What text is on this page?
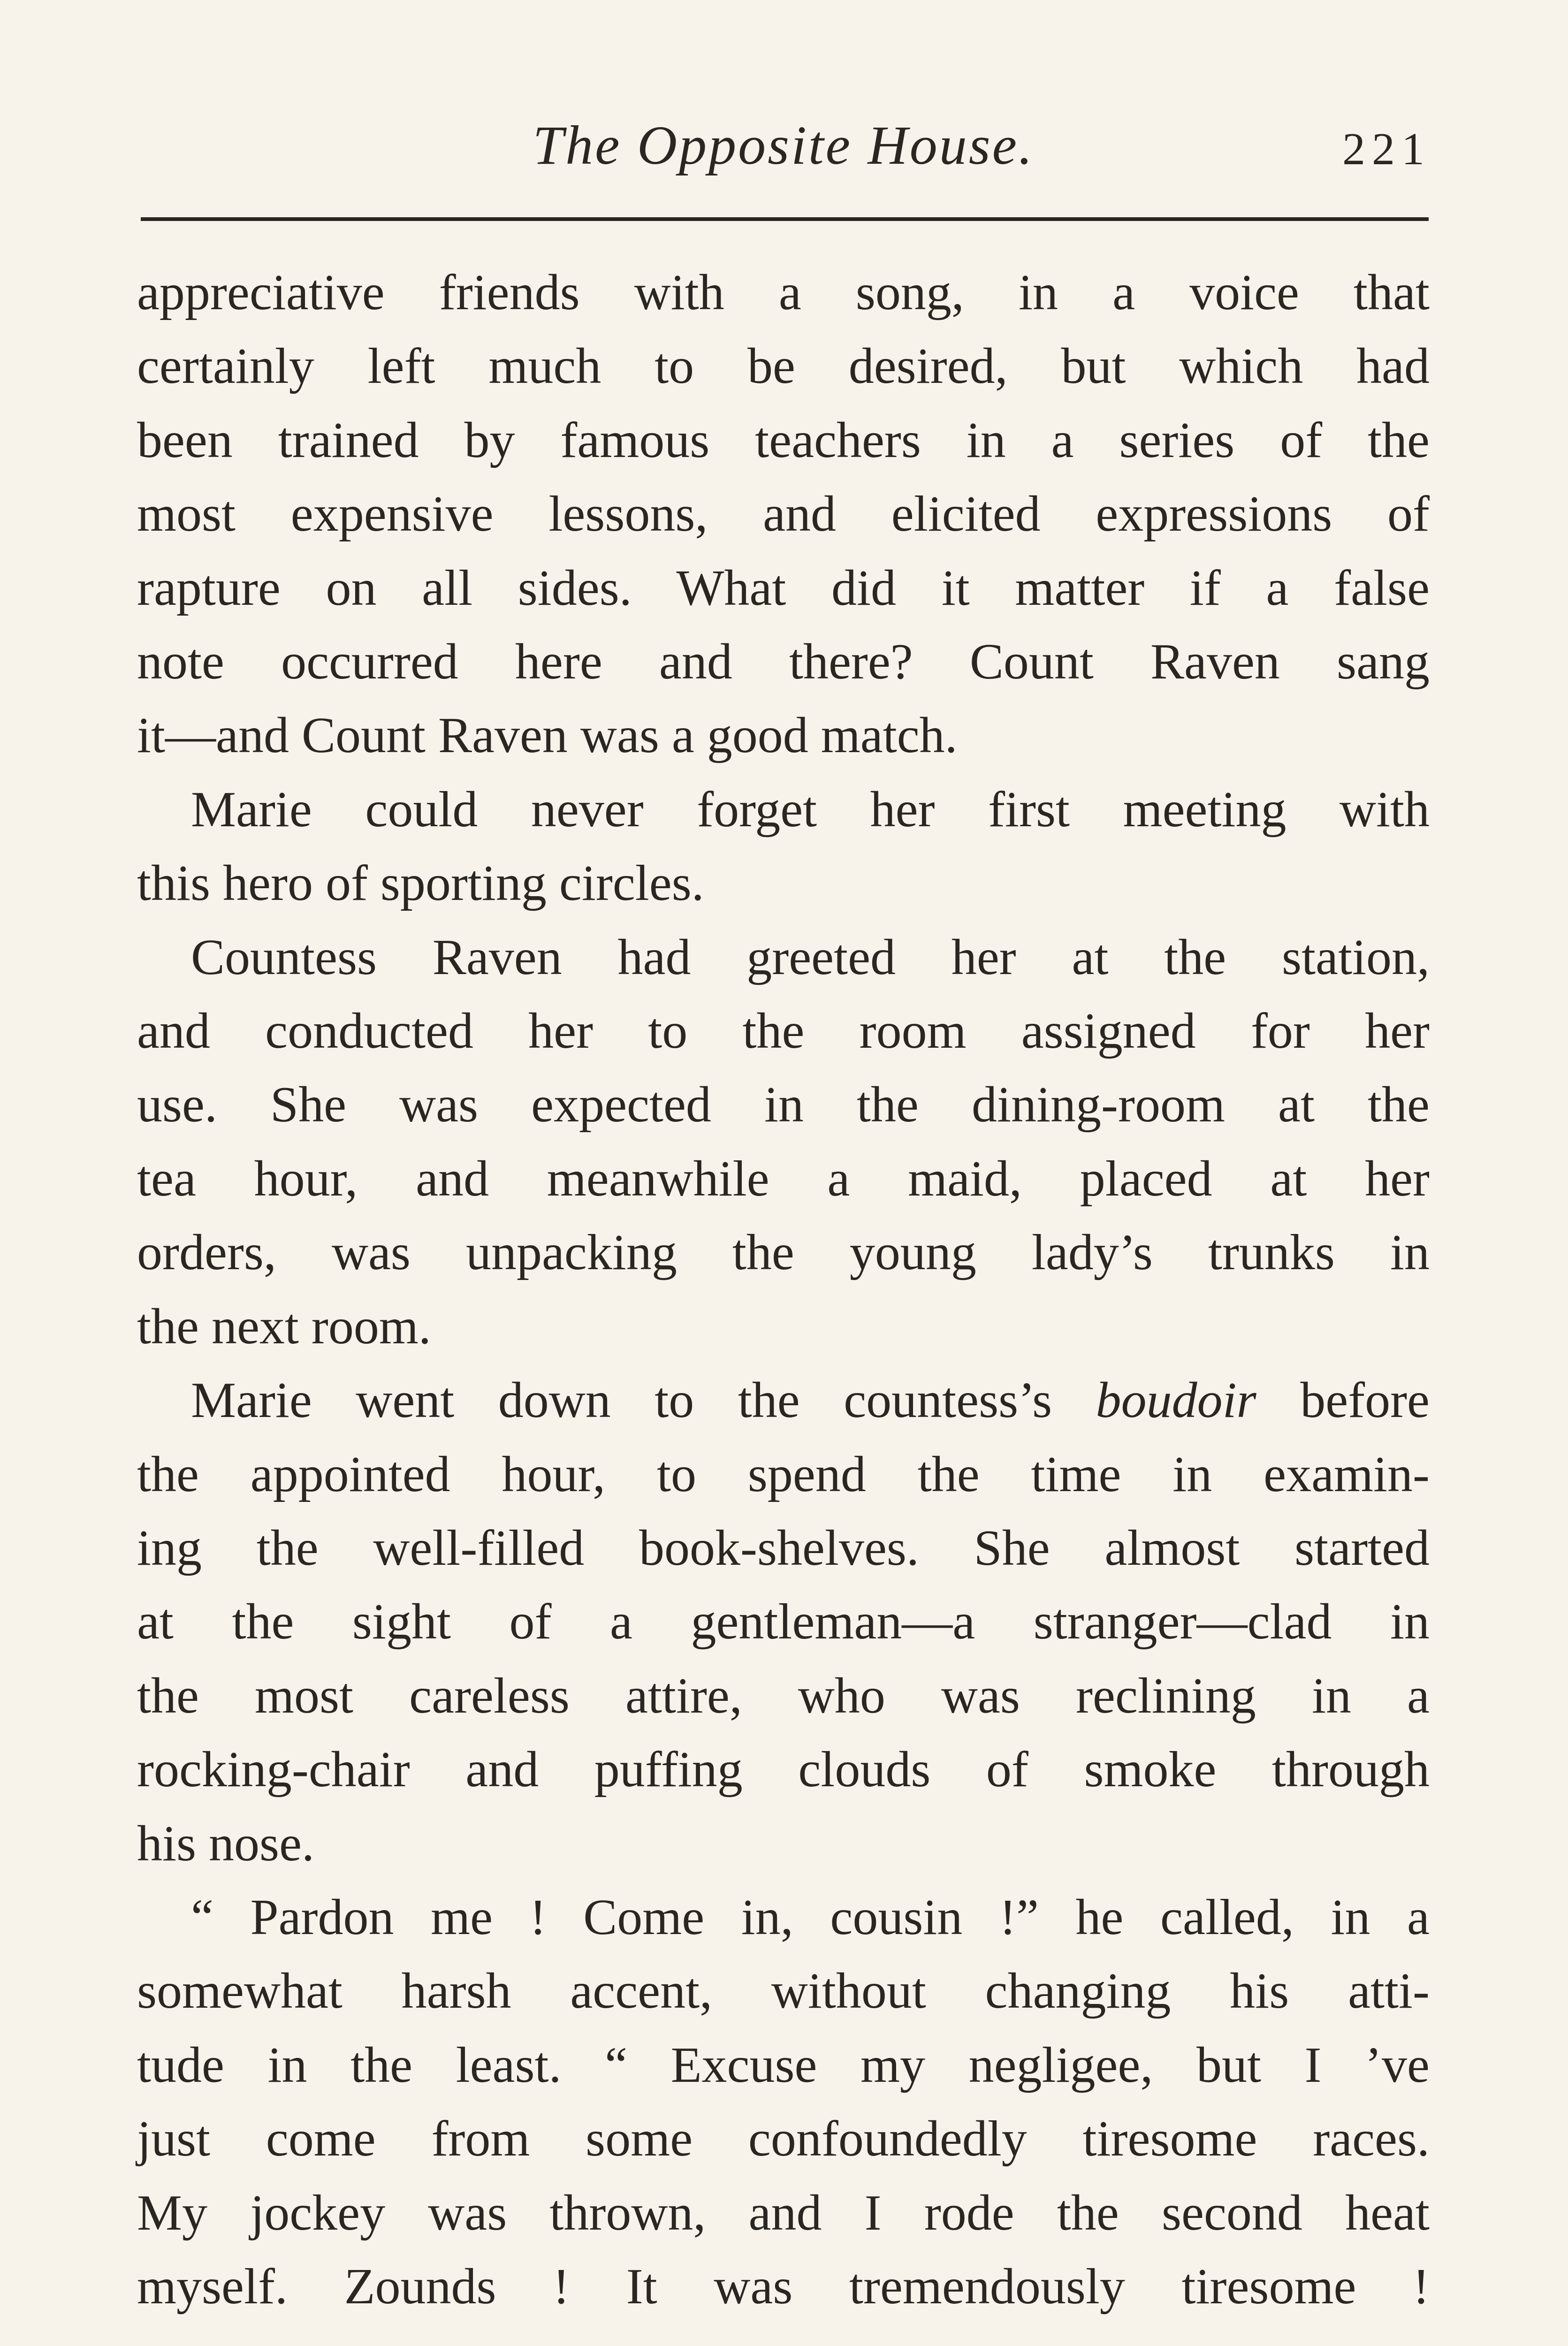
The Opposite House.	221

appreciative friends with a song, in a voice that
certainly left much to be desired, but which had
been trained by famous teachers in a series of the
most expensive lessons, and elicited expressions of
rapture on all sides. What did it matter if a false
note occurred here and there? Count Raven sang
it—and Count Raven was a good match.

Marie could never forget her first meeting with
this hero of sporting circles.

Countess Raven had greeted her at the station,
and conducted her to the room assigned for her
use. She was expected in the dining-room at the
tea hour, and meanwhile a maid, placed at her
orders, was unpacking the young lady’s trunks in
the next room.

Marie went down to the countess’s boudoir before
the appointed hour, to spend the time in examin-
ing the well-filled book-shelves. She almost started
at the sight of a gentleman—a stranger—clad in
the most careless attire, who was reclining in a
rocking-chair and puffing clouds of smoke through
his nose.

“ Pardon me ! Come in, cousin !” he called, in a
somewhat harsh accent, without changing his atti-
tude in the least. “ Excuse my negligee, but I ’ve
just come from some confoundedly tiresome races.
My jockey was thrown, and I rode the second heat
myself. Zounds ! It was tremendously tiresome !
